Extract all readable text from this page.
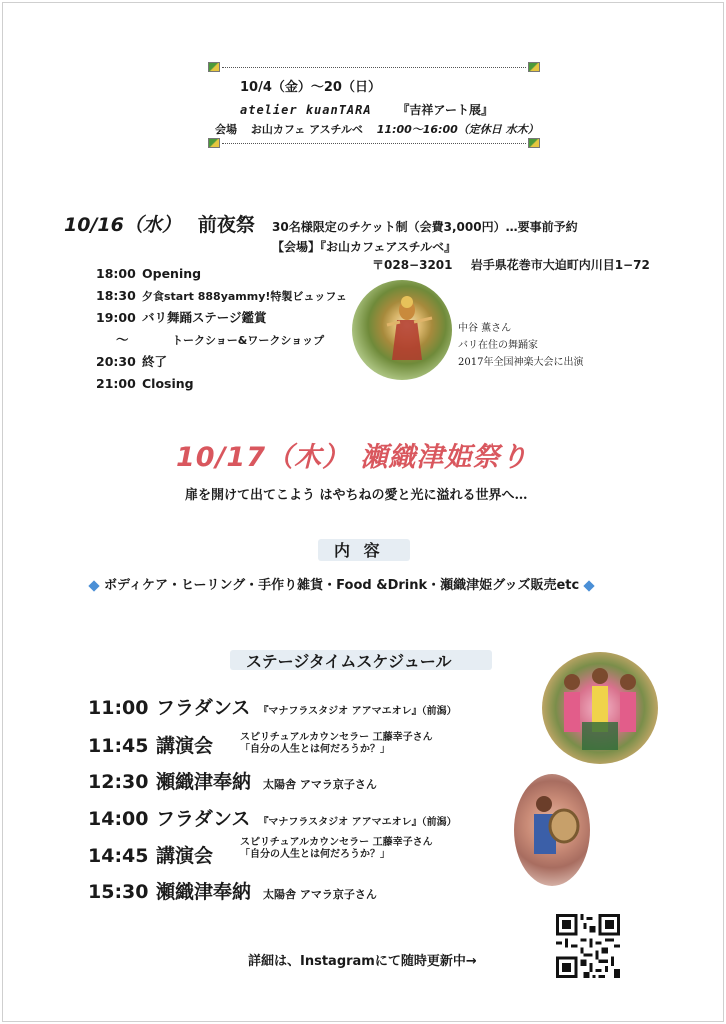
10/4（金）〜20（日）
atelier kuanTARA 『吉祥アート展』
会場 お山カフェ アスチルベ 11:00〜16:00（定休日 水木）
10/16（水） 前夜祭 30名様限定のチケット制（会費3,000円）…要事前予約
【会場】『お山カフェアスチルベ』
〒028−3201 岩手県花巻市大迫町内川目1−72
18:00 Opening
18:30 夕食start 888yammy!特製ビュッフェ
19:00 バリ舞踊ステージ鑑賞
〜	トークショー&ワークショップ
20:30 終了
21:00 Closing
中谷 薫さん
バリ在住の舞踊家
2017年全国神楽大会に出演
10/17（木） 瀬織津姫祭り
扉を開けて出てこよう はやちねの愛と光に溢れる世界へ…
内 容
ボディケア・ヒーリング・手作り雑貨・Food &Drink・瀬織津姫グッズ販売etc
ステージタイムスケジュール
11:00 フラダンス 『マナフラスタジオ アアマエオレ』（前潟）
11:45 講演会	スピリチュアルカウンセラー 工藤幸子さん
「自分の人生とは何だろうか？」
12:30 瀬織津奉納 太陽舎 アマラ京子さん
14:00 フラダンス 『マナフラスタジオ アアマエオレ』（前潟）
14:45 講演会
スピリチュアルカウンセラー 工藤幸子さん
「自分の人生とは何だろうか？」
15:30 瀬織津奉納 太陽舎 アマラ京子さん
詳細は、Instagramにて随時更新中→
